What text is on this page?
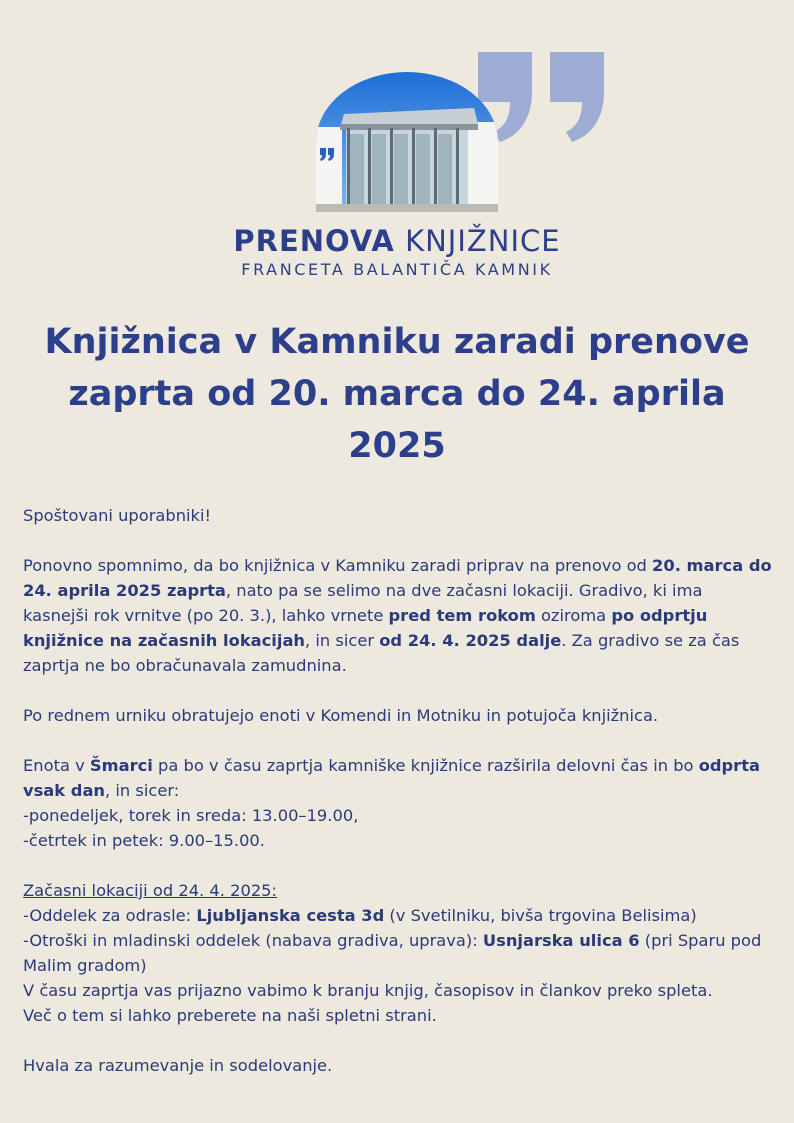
PRENOVA KNJIŽNICE
FRANCETA BALANTIČA KAMNIK
Knjižnica v Kamniku zaradi prenove zaprta od 20. marca do 24. aprila 2025

Spoštovani uporabniki!

Ponovno spomnimo, da bo knjižnica v Kamniku zaradi priprav na prenovo od 20. marca do 24. aprila 2025 zaprta, nato pa se selimo na dve začasni lokaciji. Gradivo, ki ima kasnejši rok vrnitve (po 20. 3.), lahko vrnete pred tem rokom oziroma po odprtju knjižnice na začasnih lokacijah, in sicer od 24. 4. 2025 dalje. Za gradivo se za čas zaprtja ne bo obračunavala zamudnina.

Po rednem urniku obratujejo enoti v Komendi in Motniku in potujoča knjižnica.

Enota v Šmarci pa bo v času zaprtja kamniške knjižnice razširila delovni čas in bo odprta vsak dan, in sicer:
-ponedeljek, torek in sreda: 13.00–19.00,
-četrtek in petek: 9.00–15.00.

Začasni lokaciji od 24. 4. 2025:
-Oddelek za odrasle: Ljubljanska cesta 3d (v Svetilniku, bivša trgovina Belisima)
-Otroški in mladinski oddelek (nabava gradiva, uprava): Usnjarska ulica 6 (pri Sparu pod Malim gradom)
V času zaprtja vas prijazno vabimo k branju knjig, časopisov in člankov preko spleta.
Več o tem si lahko preberete na naši spletni strani.

Hvala za razumevanje in sodelovanje.
